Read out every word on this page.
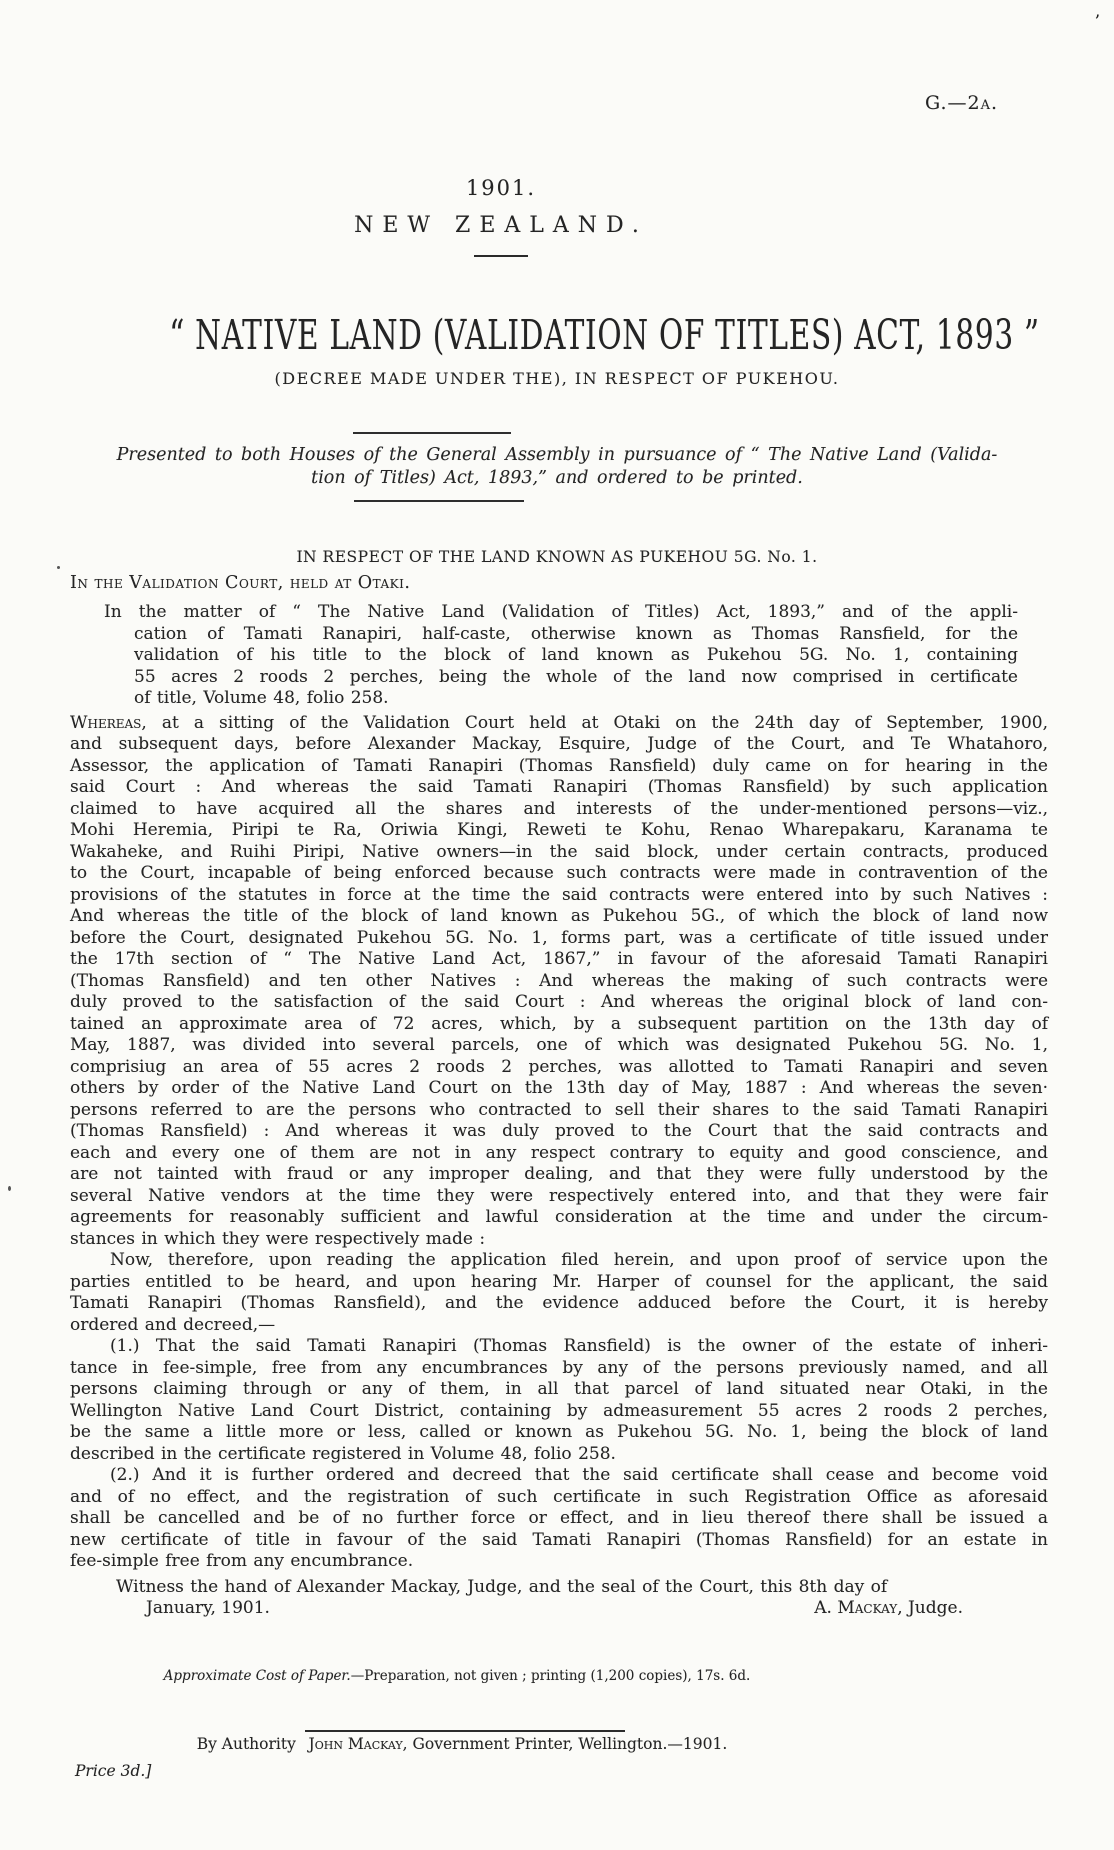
’
G.—2a.
1901.
NEW ZEALAND.
“ NATIVE LAND (VALIDATION OF TITLES) ACT, 1893 ”
(DECREE MADE UNDER THE), IN RESPECT OF PUKEHOU.
Presented to both Houses of the General Assembly in pursuance of “ The Native Land (Valida-
tion of Titles) Act, 1893,” and ordered to be printed.
IN RESPECT OF THE LAND KNOWN AS PUKEHOU 5G. No. 1.
In the Validation Court, held at Otaki.
In the matter of “ The Native Land (Validation of Titles) Act, 1893,” and of the appli-
cation of Tamati Ranapiri, half-caste, otherwise known as Thomas Ransfield, for the
validation of his title to the block of land known as Pukehou 5G. No. 1, containing
55 acres 2 roods 2 perches, being the whole of the land now comprised in certificate
of title, Volume 48, folio 258.
Whereas, at a sitting of the Validation Court held at Otaki on the 24th day of September, 1900,
and subsequent days, before Alexander Mackay, Esquire, Judge of the Court, and Te Whatahoro,
Assessor, the application of Tamati Ranapiri (Thomas Ransfield) duly came on for hearing in the
said Court : And whereas the said Tamati Ranapiri (Thomas Ransfield) by such application
claimed to have acquired all the shares and interests of the under-mentioned persons—viz.,
Mohi Heremia, Piripi te Ra, Oriwia Kingi, Reweti te Kohu, Renao Wharepakaru, Karanama te
Wakaheke, and Ruihi Piripi, Native owners—in the said block, under certain contracts, produced
to the Court, incapable of being enforced because such contracts were made in contravention of the
provisions of the statutes in force at the time the said contracts were entered into by such Natives :
And whereas the title of the block of land known as Pukehou 5G., of which the block of land now
before the Court, designated Pukehou 5G. No. 1, forms part, was a certificate of title issued under
the 17th section of “ The Native Land Act, 1867,” in favour of the aforesaid Tamati Ranapiri
(Thomas Ransfield) and ten other Natives : And whereas the making of such contracts were
duly proved to the satisfaction of the said Court : And whereas the original block of land con-
tained an approximate area of 72 acres, which, by a subsequent partition on the 13th day of
May, 1887, was divided into several parcels, one of which was designated Pukehou 5G. No. 1,
comprisiug an area of 55 acres 2 roods 2 perches, was allotted to Tamati Ranapiri and seven
others by order of the Native Land Court on the 13th day of May, 1887 : And whereas the seven·
persons referred to are the persons who contracted to sell their shares to the said Tamati Ranapiri
(Thomas Ransfield) : And whereas it was duly proved to the Court that the said contracts and
each and every one of them are not in any respect contrary to equity and good conscience, and
are not tainted with fraud or any improper dealing, and that they were fully understood by the
several Native vendors at the time they were respectively entered into, and that they were fair
agreements for reasonably sufficient and lawful consideration at the time and under the circum-
stances in which they were respectively made :
Now, therefore, upon reading the application filed herein, and upon proof of service upon the
parties entitled to be heard, and upon hearing Mr. Harper of counsel for the applicant, the said
Tamati Ranapiri (Thomas Ransfield), and the evidence adduced before the Court, it is hereby
ordered and decreed,—
(1.) That the said Tamati Ranapiri (Thomas Ransfield) is the owner of the estate of inheri-
tance in fee-simple, free from any encumbrances by any of the persons previously named, and all
persons claiming through or any of them, in all that parcel of land situated near Otaki, in the
Wellington Native Land Court District, containing by admeasurement 55 acres 2 roods 2 perches,
be the same a little more or less, called or known as Pukehou 5G. No. 1, being the block of land
described in the certificate registered in Volume 48, folio 258.
(2.) And it is further ordered and decreed that the said certificate shall cease and become void
and of no effect, and the registration of such certificate in such Registration Office as aforesaid
shall be cancelled and be of no further force or effect, and in lieu thereof there shall be issued a
new certificate of title in favour of the said Tamati Ranapiri (Thomas Ransfield) for an estate in
fee-simple free from any encumbrance.
Witness the hand of Alexander Mackay, Judge, and the seal of the Court, this 8th day of
January, 1901.	A. Mackay, Judge.
Approximate Cost of Paper.—Preparation, not given ; printing (1,200 copies), 17s. 6d.
By Authority  John Mackay, Government Printer, Wellington.—1901.
Price 3d.]
